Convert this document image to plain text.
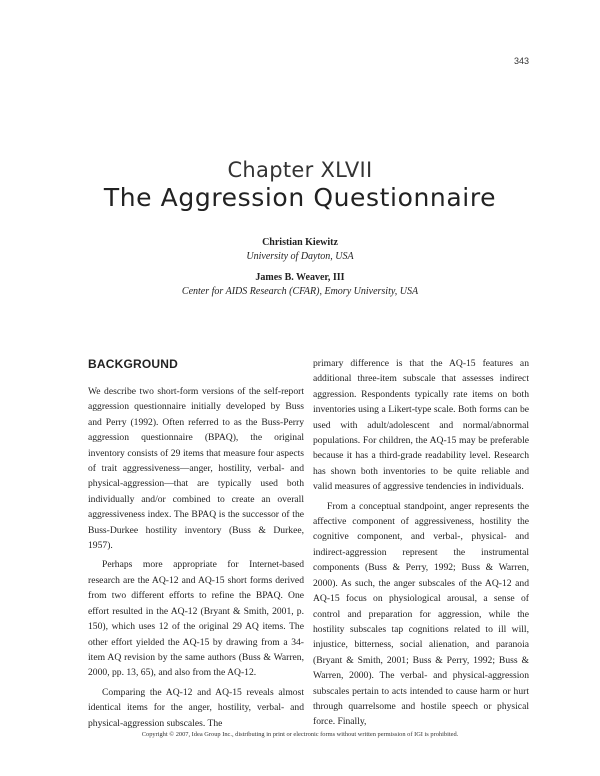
343
Chapter XLVII
The Aggression Questionnaire
Christian Kiewitz
University of Dayton, USA
James B. Weaver, III
Center for AIDS Research (CFAR), Emory University, USA
BACKGROUND

We describe two short-form versions of the self-report aggression questionnaire initially developed by Buss and Perry (1992). Often referred to as the Buss-Perry aggression questionnaire (BPAQ), the original inventory consists of 29 items that measure four aspects of trait aggressiveness—anger, hostility, verbal- and physical-aggression—that are typically used both individually and/or combined to create an overall aggressiveness index. The BPAQ is the successor of the Buss-Durkee hostility inventory (Buss & Durkee, 1957).

Perhaps more appropriate for Internet-based research are the AQ-12 and AQ-15 short forms derived from two different efforts to refine the BPAQ. One effort resulted in the AQ-12 (Bryant & Smith, 2001, p. 150), which uses 12 of the original 29 AQ items. The other effort yielded the AQ-15 by drawing from a 34-item AQ revision by the same authors (Buss & Warren, 2000, pp. 13, 65), and also from the AQ-12.

Comparing the AQ-12 and AQ-15 reveals almost identical items for the anger, hostility, verbal- and physical-aggression subscales. The

primary difference is that the AQ-15 features an additional three-item subscale that assesses indirect aggression. Respondents typically rate items on both inventories using a Likert-type scale. Both forms can be used with adult/adolescent and normal/abnormal populations. For children, the AQ-15 may be preferable because it has a third-grade readability level. Research has shown both inventories to be quite reliable and valid measures of aggressive tendencies in individuals.

From a conceptual standpoint, anger represents the affective component of aggressiveness, hostility the cognitive component, and verbal-, physical- and indirect-aggression represent the instrumental components (Buss & Perry, 1992; Buss & Warren, 2000). As such, the anger subscales of the AQ-12 and AQ-15 focus on physiological arousal, a sense of control and preparation for aggression, while the hostility subscales tap cognitions related to ill will, injustice, bitterness, social alienation, and paranoia (Bryant & Smith, 2001; Buss & Perry, 1992; Buss & Warren, 2000). The verbal- and physical-aggression subscales pertain to acts intended to cause harm or hurt through quarrelsome and hostile speech or physical force. Finally,

Copyright © 2007, Idea Group Inc., distributing in print or electronic forms without written permission of IGI is prohibited.
